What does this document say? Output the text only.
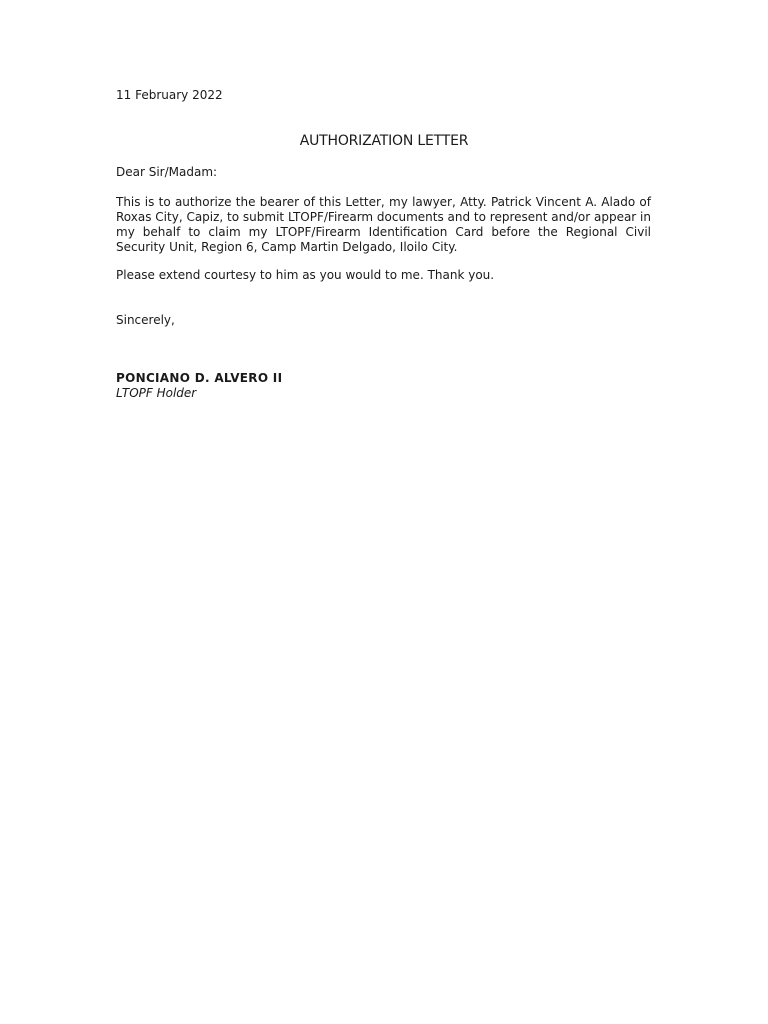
11 February 2022
AUTHORIZATION LETTER
Dear Sir/Madam:
This is to authorize the bearer of this Letter, my lawyer, Atty. Patrick Vincent A. Alado of Roxas City, Capiz, to submit LTOPF/Firearm documents and to represent and/or appear in my behalf to claim my LTOPF/Firearm Identification Card before the Regional Civil Security Unit, Region 6, Camp Martin Delgado, Iloilo City.
Please extend courtesy to him as you would to me. Thank you.
Sincerely,
PONCIANO D. ALVERO II
LTOPF Holder
